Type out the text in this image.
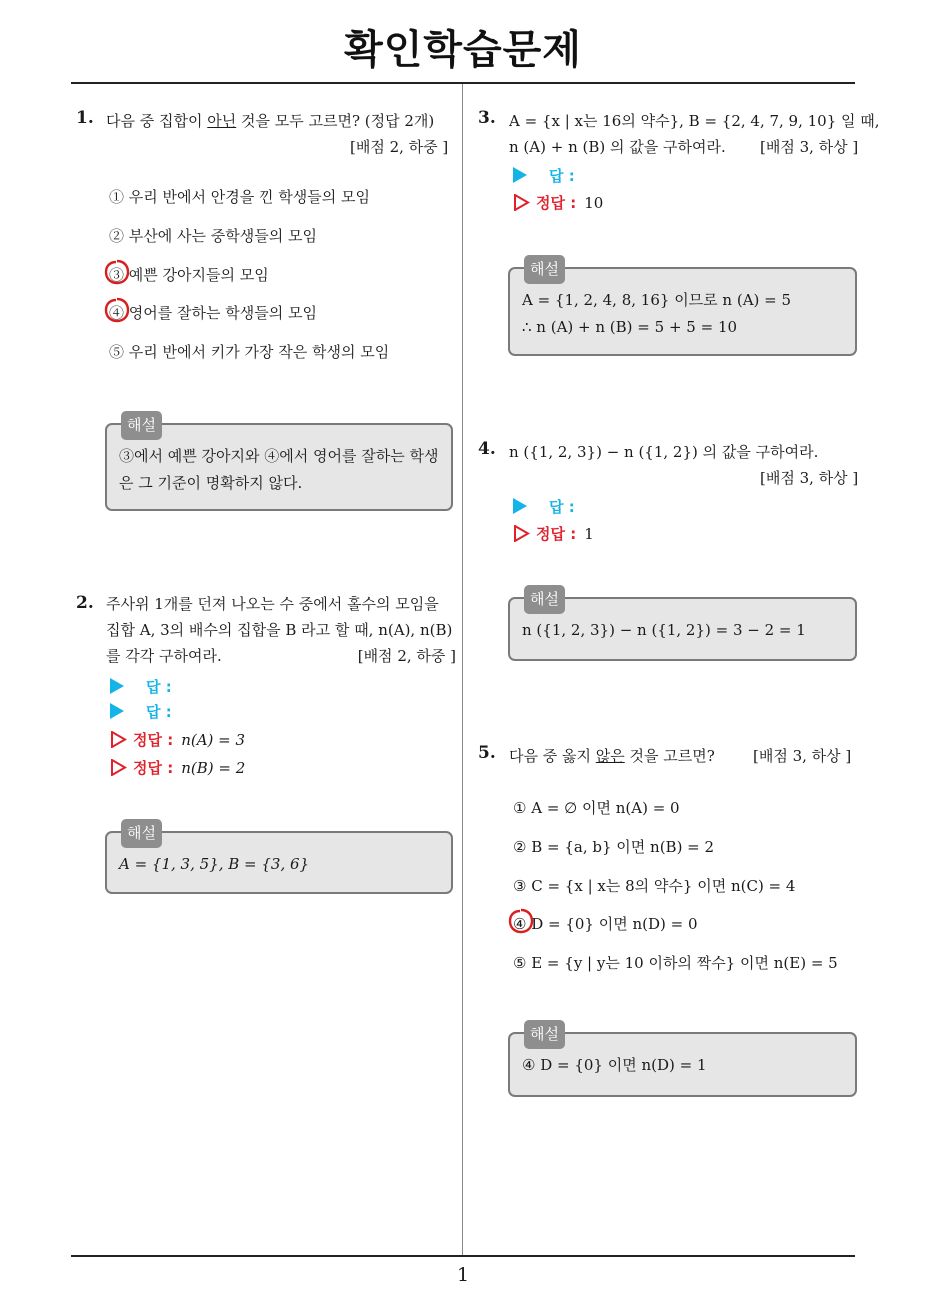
확인학습문제
1. 다음 중 집합이 아닌 것을 모두 고르면? (정답 2개)
[배점 2, 하중 ]
① 우리 반에서 안경을 낀 학생들의 모임
② 부산에 사는 중학생들의 모임
③ 예쁜 강아지들의 모임
④ 영어를 잘하는 학생들의 모임
⑤ 우리 반에서 키가 가장 작은 학생의 모임
해설
③에서 예쁜 강아지와 ④에서 영어를 잘하는 학생
은 그 기준이 명확하지 않다.
2. 주사위 1개를 던져 나오는 수 중에서 홀수의 모임을
집합 A, 3의 배수의 집합을 B 라고 할 때, n(A), n(B)
를 각각 구하여라.	[배점 2, 하중 ]
답 :
답 :
정답 : n(A) = 3
정답 : n(B) = 2
해설
A = {1, 3, 5}, B = {3, 6}
3. A = {x | x는 16의 약수}, B = {2, 4, 7, 9, 10} 일 때,
n (A) + n (B) 의 값을 구하여라. [배점 3, 하상 ]
답 :
정답 : 10
해설
A = {1, 2, 4, 8, 16} 이므로 n (A) = 5
∴ n (A) + n (B) = 5 + 5 = 10
4. n ({1, 2, 3}) − n ({1, 2}) 의 값을 구하여라.
[배점 3, 하상 ]
답 :
정답 : 1
해설
n ({1, 2, 3}) − n ({1, 2}) = 3 − 2 = 1
5. 다음 중 옳지 않은 것을 고르면?	[배점 3, 하상 ]
① A = ∅ 이면 n(A) = 0
② B = {a, b} 이면 n(B) = 2
③ C = {x | x는 8의 약수} 이면 n(C) = 4
④ D = {0} 이면 n(D) = 0
⑤ E = {y | y는 10 이하의 짝수} 이면 n(E) = 5
해설
④ D = {0} 이면 n(D) = 1
1
